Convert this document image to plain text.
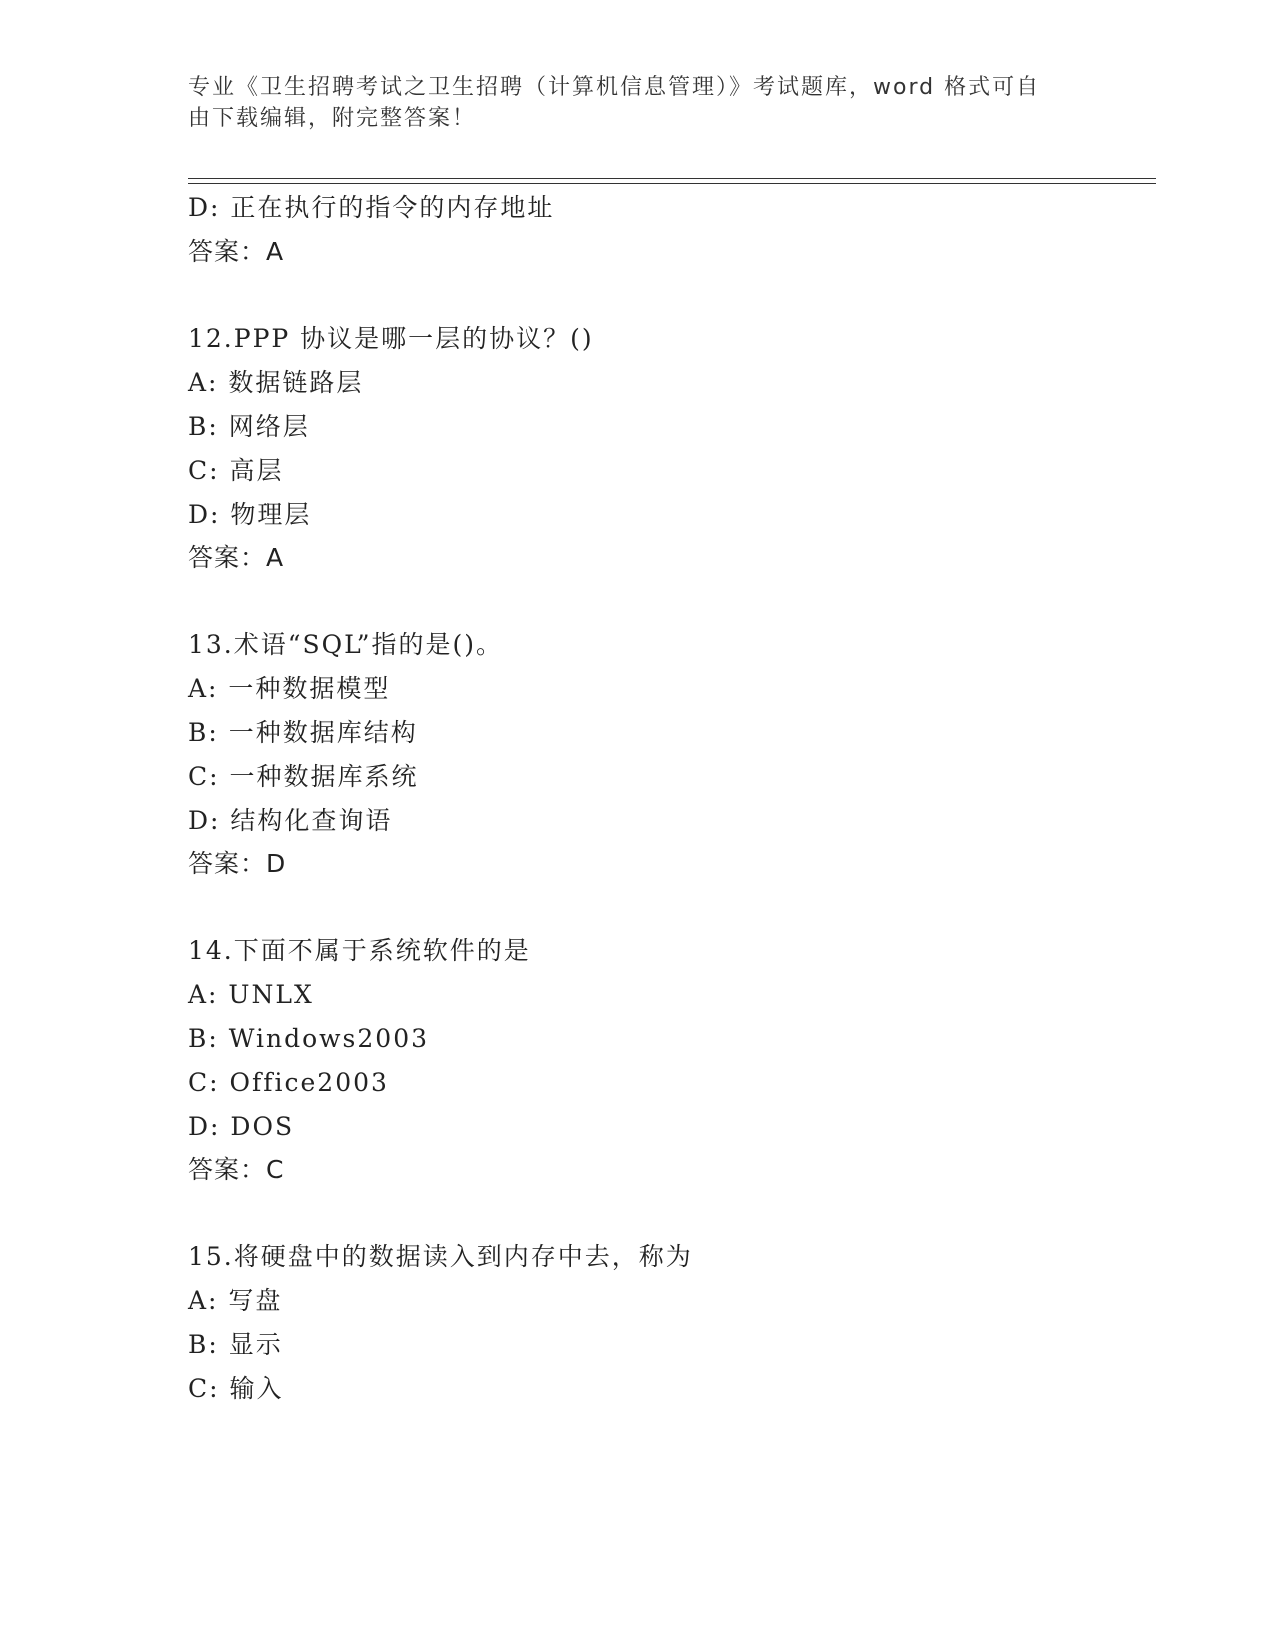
专业《卫生招聘考试之卫生招聘（计算机信息管理）》考试题库，word 格式可自
由下载编辑，附完整答案！
D: 正在执行的指令的内存地址
答案：A
12.PPP 协议是哪一层的协议？()
A: 数据链路层
B: 网络层
C: 高层
D: 物理层
答案：A
13.术语“SQL”指的是()。
A: 一种数据模型
B: 一种数据库结构
C: 一种数据库系统
D: 结构化查询语
答案：D
14.下面不属于系统软件的是
A: UNLX
B: Windows2003
C: Office2003
D: DOS
答案：C
15.将硬盘中的数据读入到内存中去，称为
A: 写盘
B: 显示
C: 输入
